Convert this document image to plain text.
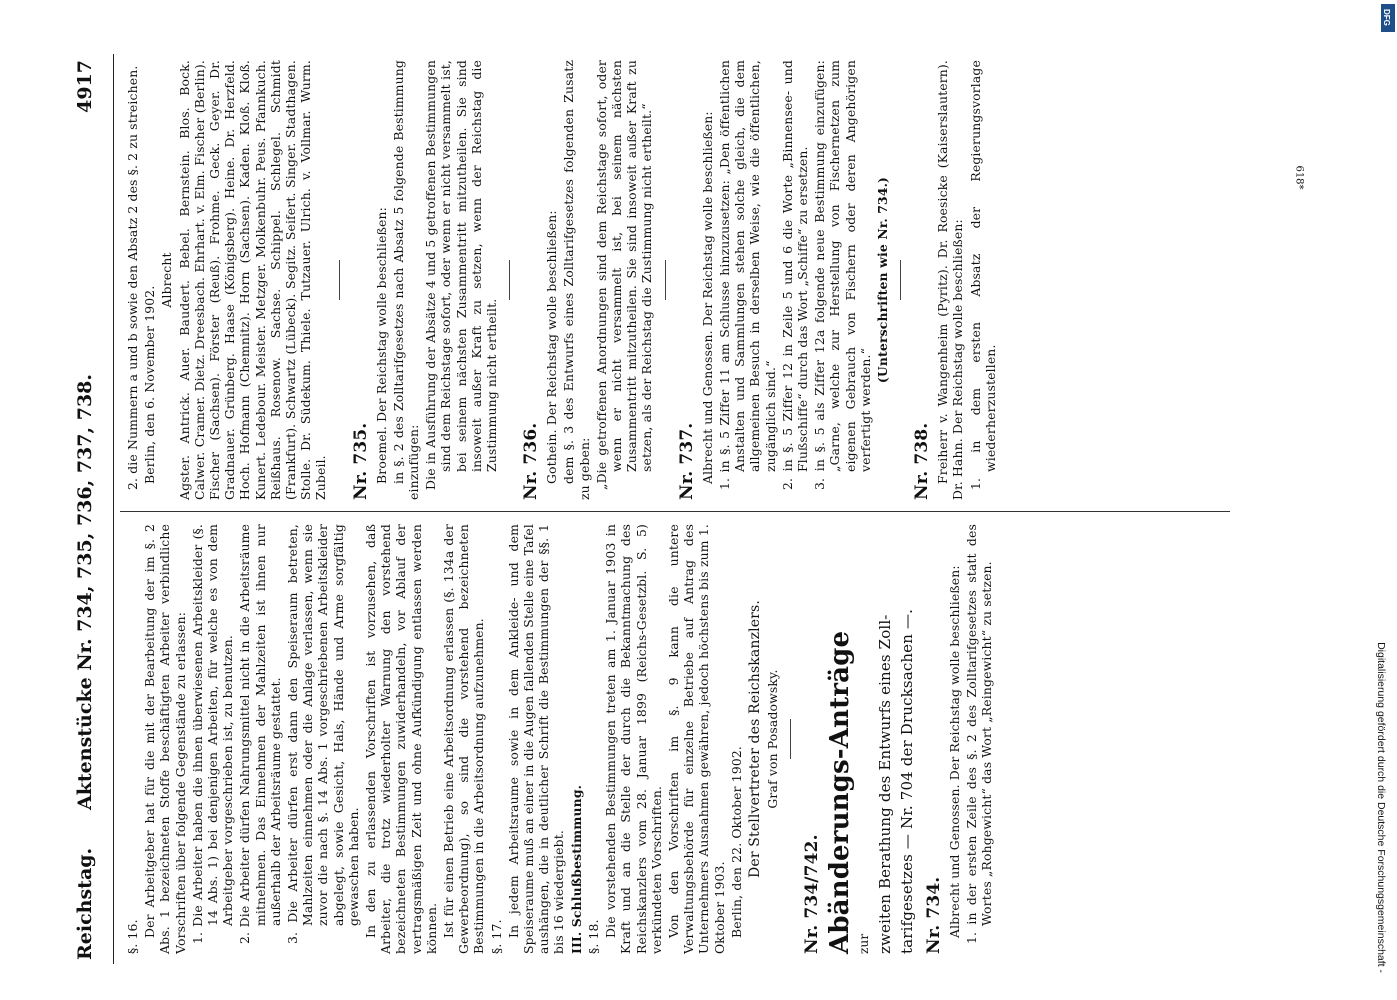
Reichstag.
Aktenstücke Nr. 734, 735, 736, 737, 738.
4917

§. 16. Der Arbeitgeber hat für die mit der Bearbeitung der im §. 2 Abs. 1 bezeichneten Stoffe beschäftigten Arbeiter verbindliche Vorschriften über folgende Gegenstände zu erlassen: 1. Die Arbeiter haben die ihnen überwiesenen Arbeitskleider (§. 14 Abs. 1) bei denjenigen Arbeiten, für welche es von dem Arbeitgeber vorgeschrieben ist, zu benutzen. 2. Die Arbeiter dürfen Nahrungsmittel nicht in die Arbeitsräume mitnehmen. Das Einnehmen der Mahlzeiten ist ihnen nur außerhalb der Arbeitsräume gestattet. 3. Die Arbeiter dürfen erst dann den Speiseraum betreten, Mahlzeiten einnehmen oder die Anlage verlassen, wenn sie zuvor die nach §. 14 Abs. 1 vorgeschriebenen Arbeitskleider abgelegt, sowie Gesicht, Hals, Hände und Arme sorgfältig gewaschen haben. In den zu erlassenden Vorschriften ist vorzusehen, daß Arbeiter, die trotz wiederholter Warnung den vorstehend bezeichneten Bestimmungen zuwiderhandeln, vor Ablauf der vertragsmäßigen Zeit und ohne Aufkündigung entlassen werden können. Ist für einen Betrieb eine Arbeitsordnung erlassen (§. 134a der Gewerbeordnung), so sind die vorstehend bezeichneten Bestimmungen in die Arbeitsordnung aufzunehmen. §. 17. In jedem Arbeitsraume sowie in dem Ankleide- und dem Speiseraume muß an einer in die Augen fallenden Stelle eine Tafel aushängen, die in deutlicher Schrift die Bestimmungen der §§. 1 bis 16 wiedergiebt. III. Schlußbestimmung. §. 18. Die vorstehenden Bestimmungen treten am 1. Januar 1903 in Kraft und an die Stelle der durch die Bekanntmachung des Reichskanzlers vom 28. Januar 1899 (Reichs-Gesetzbl. S. 5) verkündeten Vorschriften. Von den Vorschriften im §. 9 kann die untere Verwaltungsbehörde für einzelne Betriebe auf Antrag des Unternehmers Ausnahmen gewähren, jedoch höchstens bis zum 1. Oktober 1903. Berlin, den 22. Oktober 1902. Der Stellvertreter des Reichskanzlers. Graf von Posadowsky.

Nr. 734/742. Abänderungs-Anträge zur zweiten Berathung des Entwurfs eines Zoll- tarifgesetzes — Nr. 704 der Drucksachen —. Nr. 734. Albrecht und Genossen. Der Reichstag wolle beschließen: 1. in der ersten Zeile des §. 2 des Zolltarifgesetzes statt des Wortes „Rohgewicht“ das Wort „Reingewicht“ zu setzen.

2. die Nummern a und b sowie den Absatz 2 des §. 2 zu streichen. Berlin, den 6. November 1902.

Albrecht Agster. Antrick. Auer. Baudert. Bebel. Bernstein. Blos. Bock. Calwer. Cramer. Dietz. Dreesbach. Ehrhart. v. Elm. Fischer (Berlin). Fischer (Sachsen). Förster (Reuß). Frohme. Geck. Geyer. Dr. Gradnauer. Grünberg. Haase (Königsberg). Heine. Dr. Herzfeld. Hoch. Hofmann (Chemnitz). Horn (Sachsen). Kaden. Kloß. Kloß. Kunert. Ledebour. Meister. Metzger. Molkenbuhr. Peus. Pfannkuch. Reißhaus. Rosenow. Sachse. Schippel. Schlegel. Schmidt (Frankfurt). Schwartz (Lübeck). Segitz. Seifert. Singer. Stadthagen. Stolle. Dr. Südekum. Thiele. Tutzauer. Ulrich. v. Vollmar. Wurm. Zubeil. Nr. 735. Broemel. Der Reichstag wolle beschließen: in §. 2 des Zolltarifgesetzes nach Absatz 5 folgende Bestimmung einzufügen: Die in Ausführung der Absätze 4 und 5 getroffenen Bestimmungen sind dem Reichstage sofort, oder wenn er nicht versammelt ist, bei seinem nächsten Zusammentritt mitzutheilen. Sie sind insoweit außer Kraft zu setzen, wenn der Reichstag die Zustimmung nicht ertheilt. Nr. 736. Gothein. Der Reichstag wolle beschließen: dem §. 3 des Entwurfs eines Zolltarifgesetzes folgenden Zusatz zu geben: „Die getroffenen Anordnungen sind dem Reichstage sofort, oder wenn er nicht versammelt ist, bei seinem nächsten Zusammentritt mitzutheilen. Sie sind insoweit außer Kraft zu setzen, als der Reichstag die Zustimmung nicht ertheilt.“ Nr. 737. Albrecht und Genossen. Der Reichstag wolle beschließen: 1. in §. 5 Ziffer 11 am Schlusse hinzuzusetzen: „Den öffentlichen Anstalten und Sammlungen stehen solche gleich, die dem allgemeinen Besuch in derselben Weise, wie die öffentlichen, zugänglich sind.“ 2. in §. 5 Ziffer 12 in Zeile 5 und 6 die Worte „Binnensee- und Flußschiffe“ durch das Wort „Schiffe“ zu ersetzen. 3. in §. 5 als Ziffer 12a folgende neue Bestimmung einzufügen: „Garne, welche zur Herstellung von Fischernetzen zum eigenen Gebrauch von Fischern oder deren Angehörigen verfertigt werden.“

(Unterschriften wie Nr. 734.)

Nr. 738. Freiherr v. Wangenheim (Pyritz). Dr. Roesicke (Kaiserslautern). Dr. Hahn. Der Reichstag wolle beschließen: 1. in dem ersten Absatz der Regierungsvorlage wiederherzustellen.

618*
DFG
Digitalisierung gefördert durch die Deutsche Forschungsgemeinschaft -
